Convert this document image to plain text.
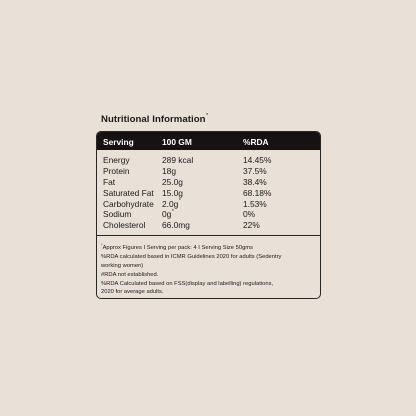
Nutritional Information*
Serving	100 GM	%RDA
Energy	289 kcal	14.45%
Protein	18g	37.5%
Fat	25.0g	38.4%
Saturated Fat 15.0g	68.18%
Carbohydrate 2.0g*	1.53%
Sodium	0g*	0%
Cholesterol 66.0mg	22%
*Approx Figures I Serving per pack: 4 I Serving Size 50gms
%RDA calculated based in ICMR Guidelines 2020 for adults (Sedentry
working women)
#RDA not established.
%RDA Calculated based on FSS(display and labelling) regulations,
2020 for average adults.
